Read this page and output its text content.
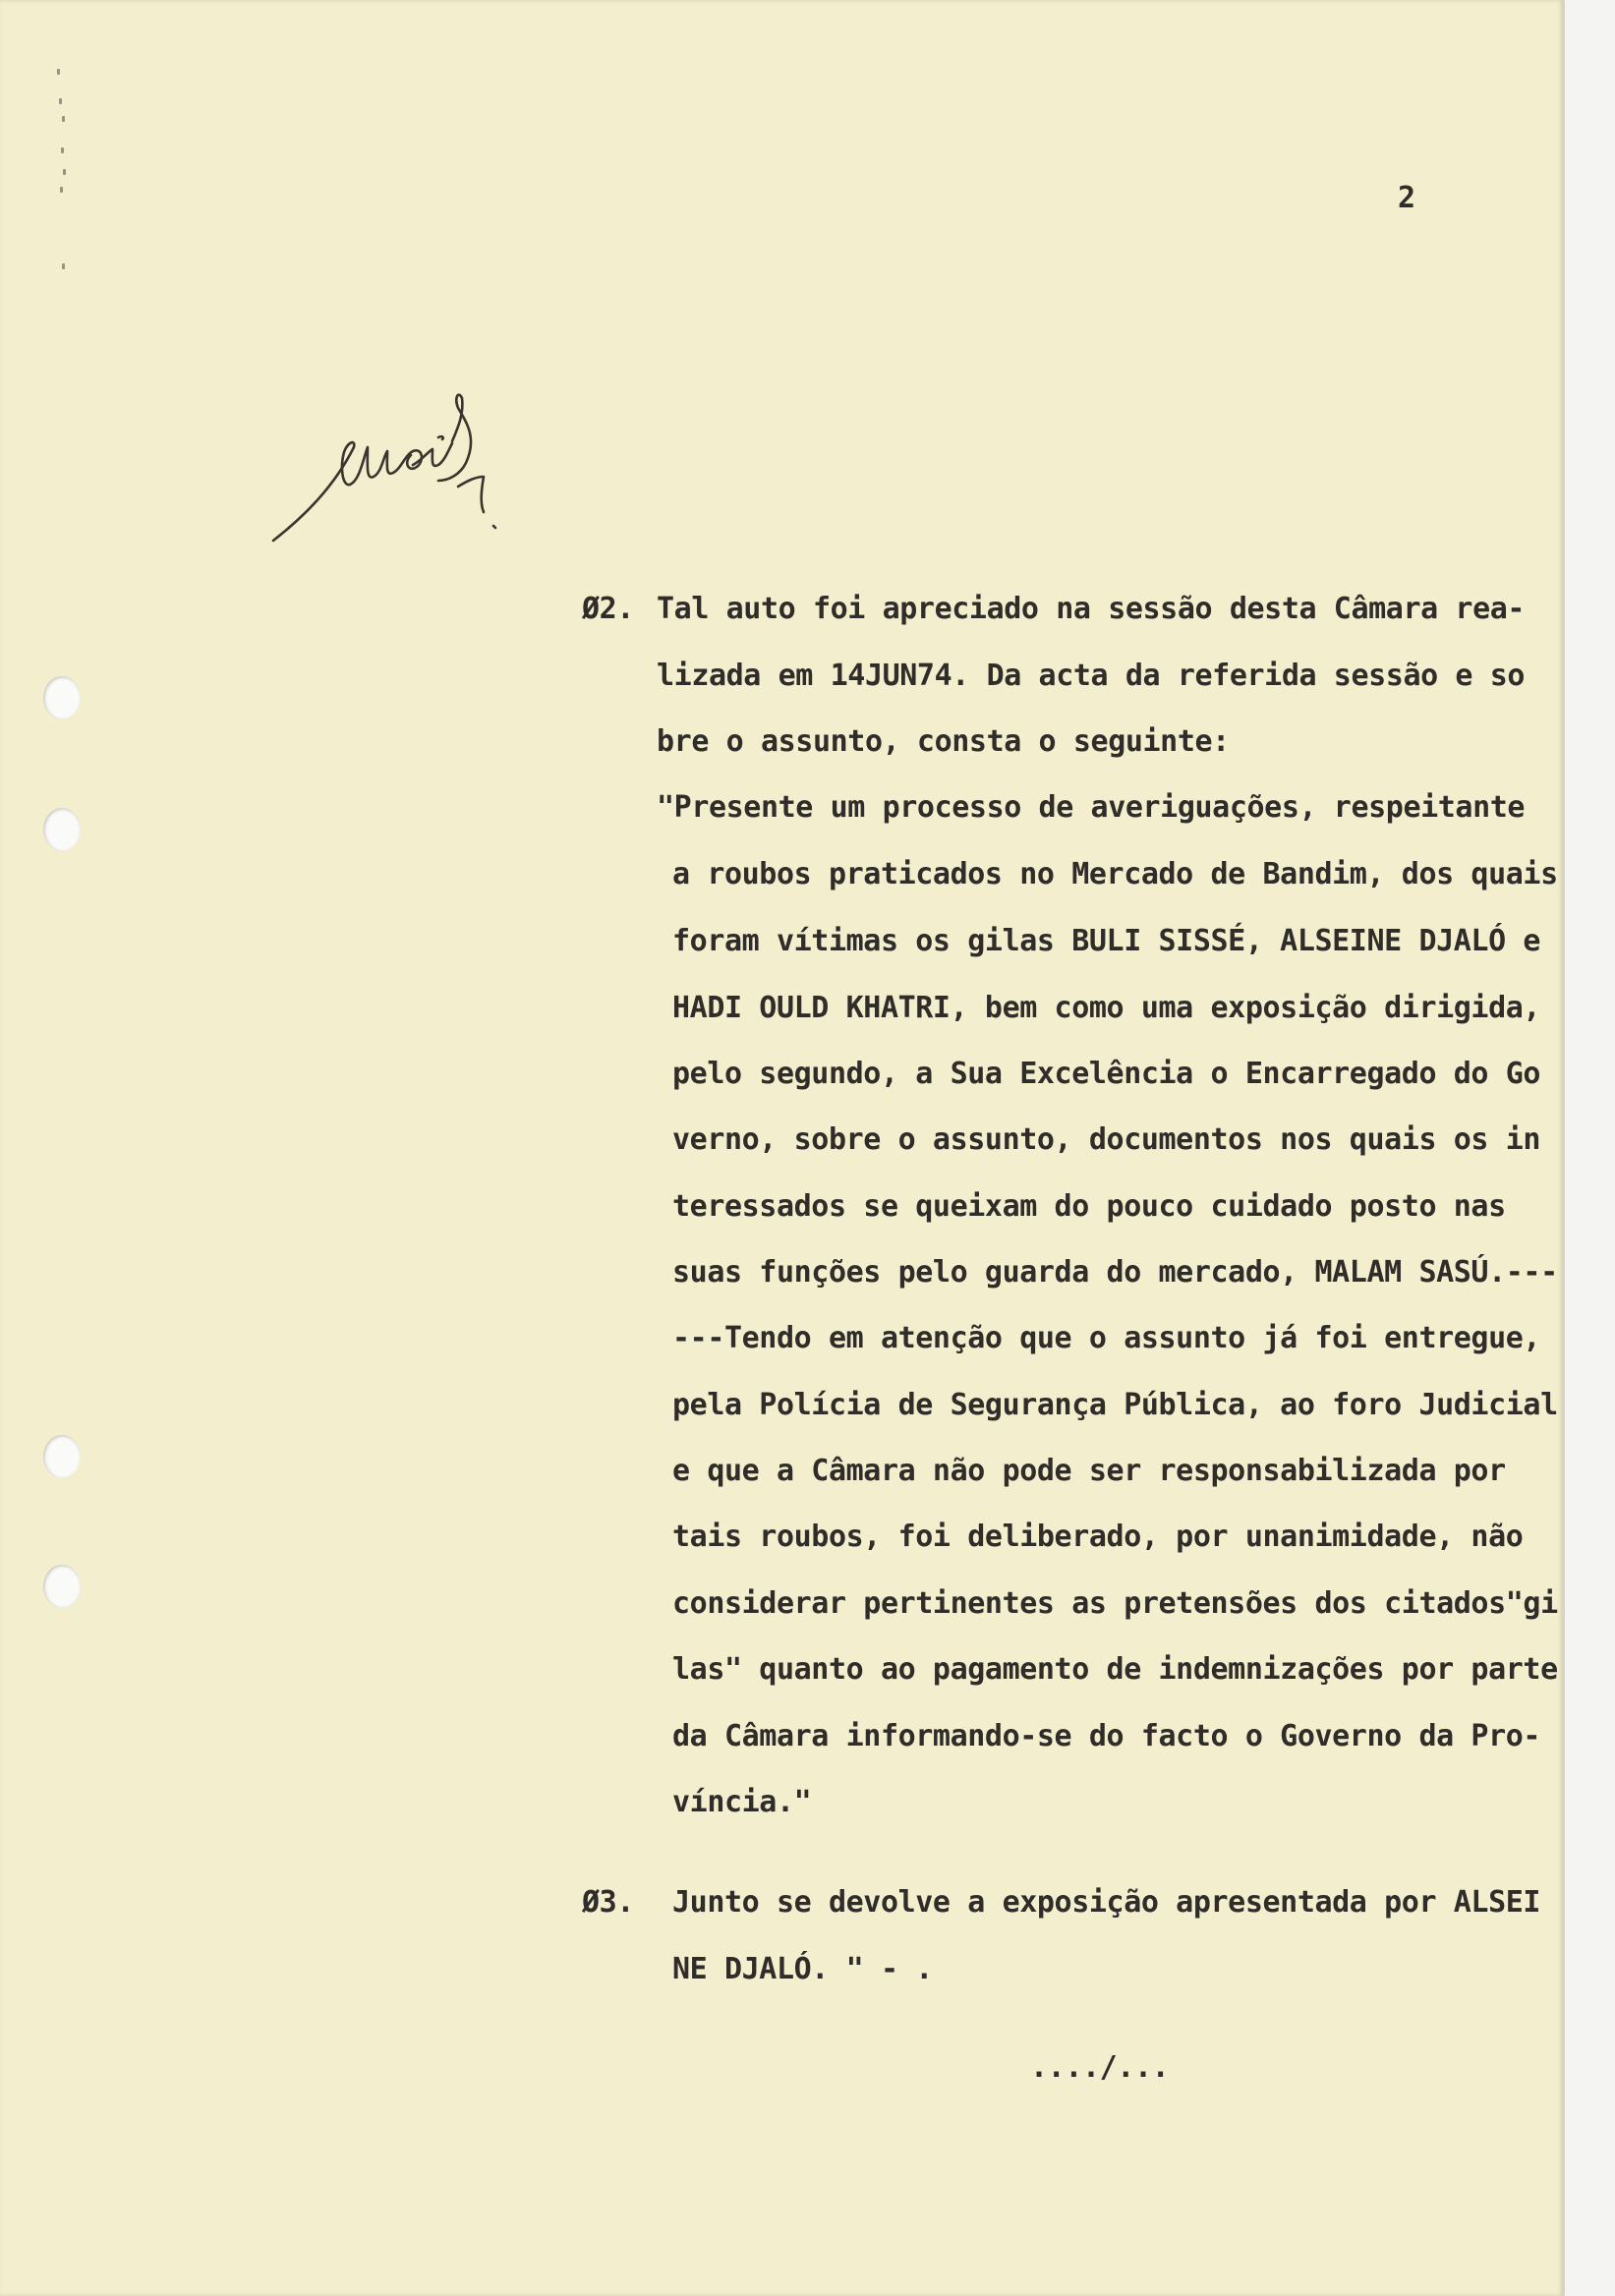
2
Ø2. Tal auto foi apreciado na sessão desta Câmara rea-
lizada em 14JUN74. Da acta da referida sessão e so
bre o assunto, consta o seguinte:
"Presente um processo de averiguações, respeitante
a roubos praticados no Mercado de Bandim, dos quais
foram vítimas os gilas BULI SISSÉ, ALSEINE DJALÓ e
HADI OULD KHATRI, bem como uma exposição dirigida,
pelo segundo, a Sua Excelência o Encarregado do Go
verno, sobre o assunto, documentos nos quais os in
teressados se queixam do pouco cuidado posto nas
suas funções pelo guarda do mercado, MALAM SASÚ.---
---Tendo em atenção que o assunto já foi entregue,
pela Polícia de Segurança Pública, ao foro Judicial
e que a Câmara não pode ser responsabilizada por
tais roubos, foi deliberado, por unanimidade, não
considerar pertinentes as pretensões dos citados"gi
las" quanto ao pagamento de indemnizações por parte
da Câmara informando-se do facto o Governo da Pro-
víncia."
Ø3. Junto se devolve a exposição apresentada por ALSEI
NE DJALÓ. " - .
..../...
